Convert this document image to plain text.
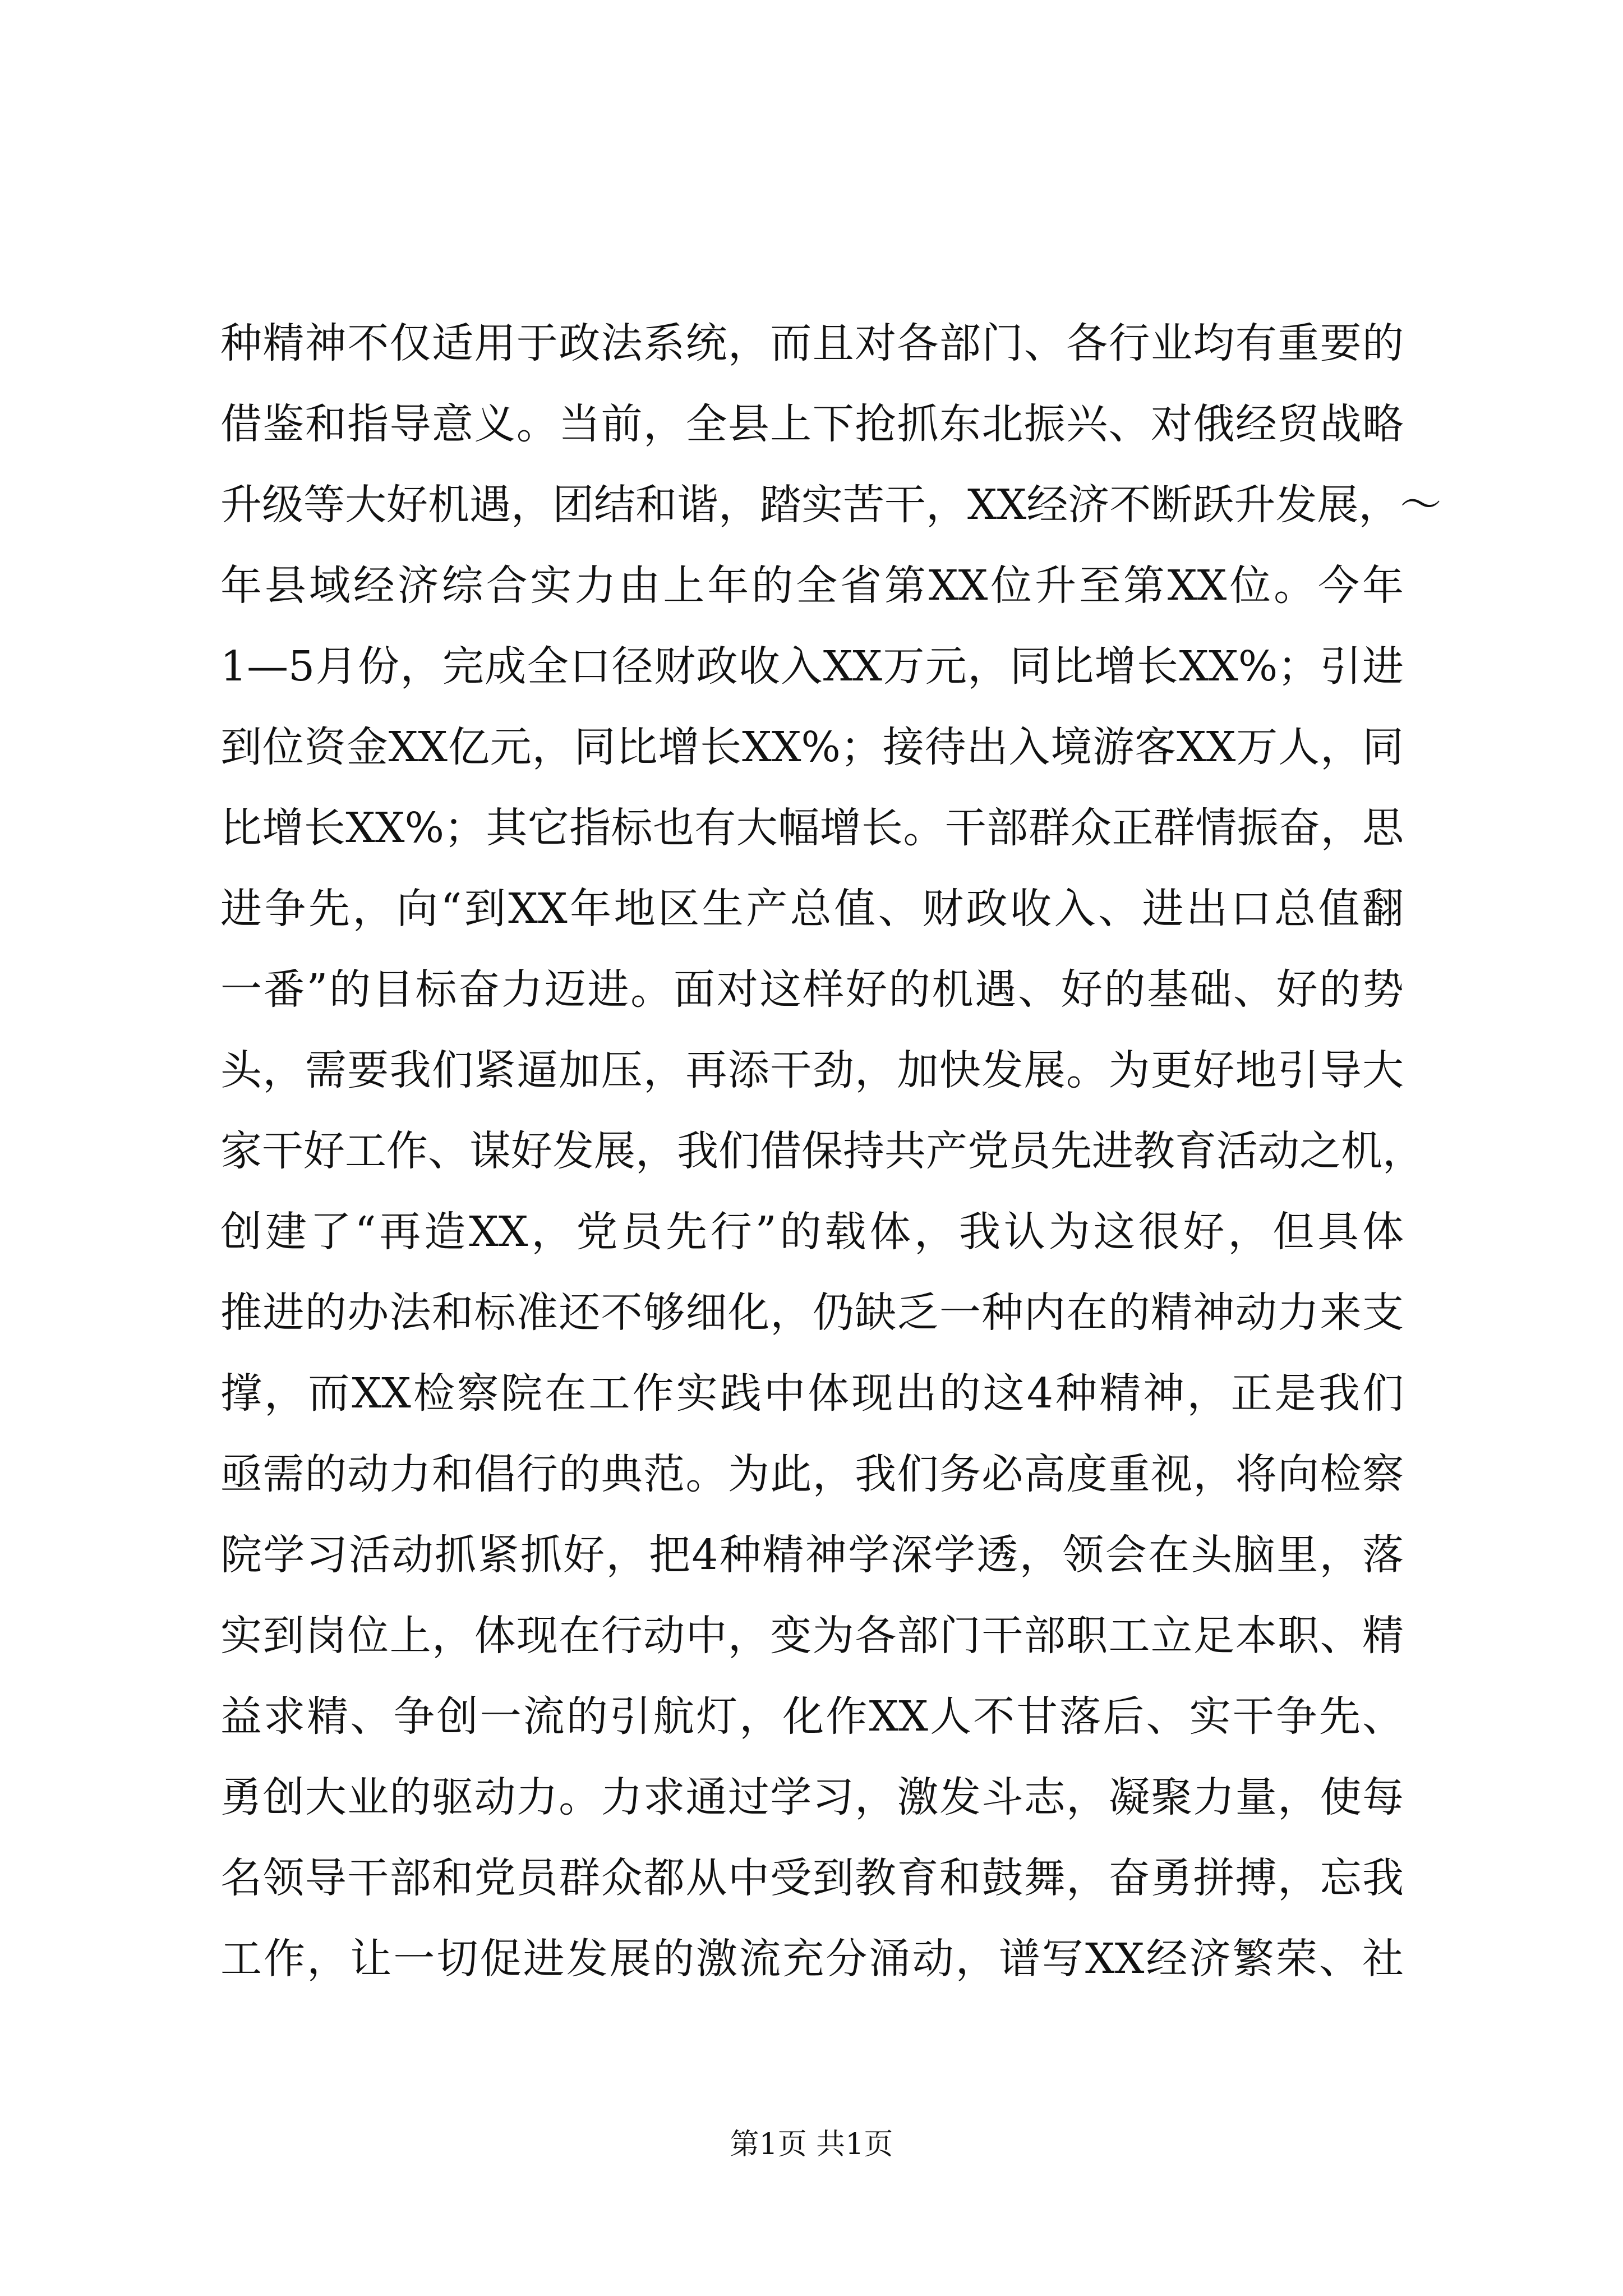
种精神不仅适用于政法系统，而且对各部门、各行业均有重要的
借鉴和指导意义。当前，全县上下抢抓东北振兴、对俄经贸战略
升级等大好机遇，团结和谐，踏实苦干，XX经济不断跃升发展，～
年县域经济综合实力由上年的全省第XX位升至第XX位。今年
1—5月份，完成全口径财政收入XX万元，同比增长XX%；引进
到位资金XX亿元，同比增长XX%；接待出入境游客XX万人，同
比增长XX%；其它指标也有大幅增长。干部群众正群情振奋，思
进争先，向“到XX年地区生产总值、财政收入、进出口总值翻
一番”的目标奋力迈进。面对这样好的机遇、好的基础、好的势
头，需要我们紧逼加压，再添干劲，加快发展。为更好地引导大
家干好工作、谋好发展，我们借保持共产党员先进教育活动之机，
创建了“再造XX，党员先行”的载体，我认为这很好，但具体
推进的办法和标准还不够细化，仍缺乏一种内在的精神动力来支
撑，而XX检察院在工作实践中体现出的这4种精神，正是我们
亟需的动力和倡行的典范。为此，我们务必高度重视，将向检察
院学习活动抓紧抓好，把4种精神学深学透，领会在头脑里，落
实到岗位上，体现在行动中，变为各部门干部职工立足本职、精
益求精、争创一流的引航灯，化作XX人不甘落后、实干争先、
勇创大业的驱动力。力求通过学习，激发斗志，凝聚力量，使每
名领导干部和党员群众都从中受到教育和鼓舞，奋勇拼搏，忘我
工作，让一切促进发展的激流充分涌动，谱写XX经济繁荣、社
第1页 共1页
